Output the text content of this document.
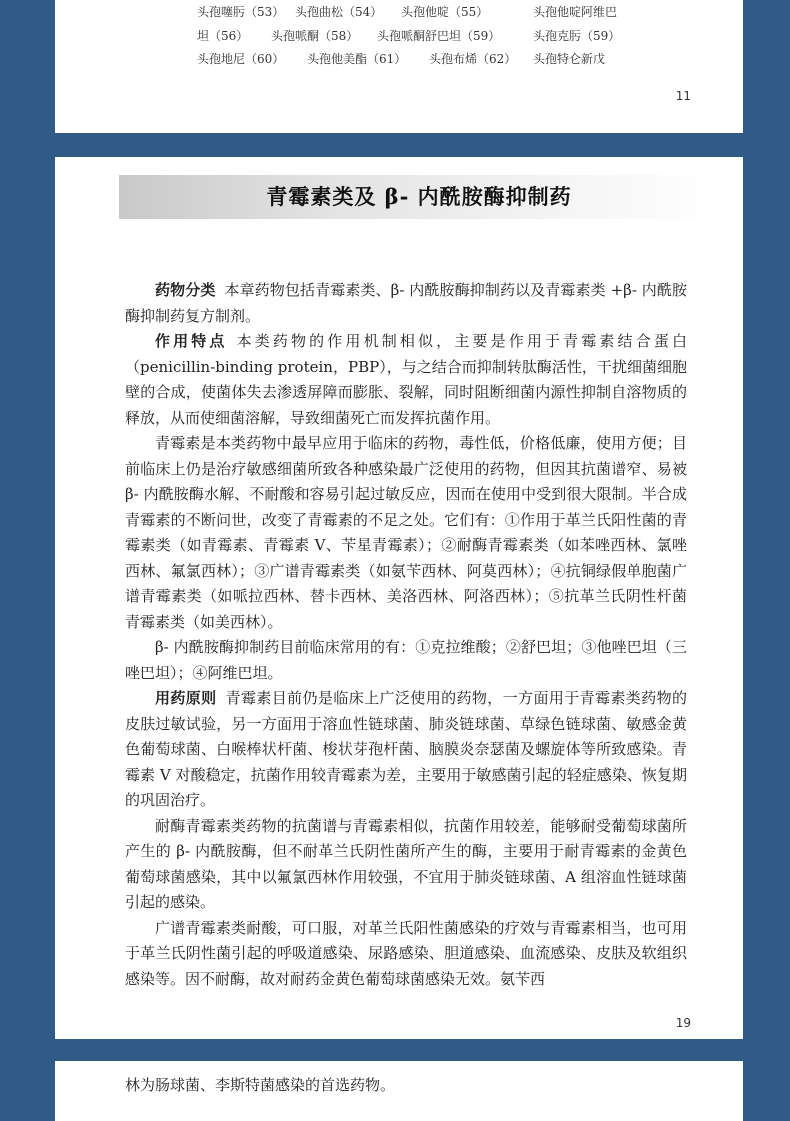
头孢噻肟（53） 头孢曲松（54） 头孢他啶（55）	头孢他啶阿维巴
坦（56） 头孢哌酮（58） 头孢哌酮舒巴坦（59）	头孢克肟（59）
头孢地尼（60） 头孢他美酯（61） 头孢布烯（62） 头孢特仑新戊
11
青霉素类及 β- 内酰胺酶抑制药

药物分类 本章药物包括青霉素类、β- 内酰胺酶抑制药以及青霉素类 +β- 内酰胺酶抑制药复方制剂。

作用特点 本类药物的作用机制相似，主要是作用于青霉素结合蛋白（penicillin-binding protein，PBP），与之结合而抑制转肽酶活性，干扰细菌细胞壁的合成，使菌体失去渗透屏障而膨胀、裂解，同时阻断细菌内源性抑制自溶物质的释放，从而使细菌溶解，导致细菌死亡而发挥抗菌作用。

青霉素是本类药物中最早应用于临床的药物，毒性低，价格低廉，使用方便；目前临床上仍是治疗敏感细菌所致各种感染最广泛使用的药物，但因其抗菌谱窄、易被 β- 内酰胺酶水解、不耐酸和容易引起过敏反应，因而在使用中受到很大限制。半合成青霉素的不断问世，改变了青霉素的不足之处。它们有：①作用于革兰氏阳性菌的青霉素类（如青霉素、青霉素 V、苄星青霉素）；②耐酶青霉素类（如苯唑西林、氯唑西林、氟氯西林）；③广谱青霉素类（如氨苄西林、阿莫西林）；④抗铜绿假单胞菌广谱青霉素类（如哌拉西林、替卡西林、美洛西林、阿洛西林）；⑤抗革兰氏阴性杆菌青霉素类（如美西林）。

β- 内酰胺酶抑制药目前临床常用的有：①克拉维酸；②舒巴坦；③他唑巴坦（三唑巴坦）；④阿维巴坦。

用药原则 青霉素目前仍是临床上广泛使用的药物，一方面用于青霉素类药物的皮肤过敏试验，另一方面用于溶血性链球菌、肺炎链球菌、草绿色链球菌、敏感金黄色葡萄球菌、白喉棒状杆菌、梭状芽孢杆菌、脑膜炎奈瑟菌及螺旋体等所致感染。青霉素 V 对酸稳定，抗菌作用较青霉素为差，主要用于敏感菌引起的轻症感染、恢复期的巩固治疗。

耐酶青霉素类药物的抗菌谱与青霉素相似，抗菌作用较差，能够耐受葡萄球菌所产生的 β- 内酰胺酶，但不耐革兰氏阴性菌所产生的酶，主要用于耐青霉素的金黄色葡萄球菌感染，其中以氟氯西林作用较强，不宜用于肺炎链球菌、A 组溶血性链球菌引起的感染。

广谱青霉素类耐酸，可口服，对革兰氏阳性菌感染的疗效与青霉素相当，也可用于革兰氏阴性菌引起的呼吸道感染、尿路感染、胆道感染、血流感染、皮肤及软组织感染等。因不耐酶，故对耐药金黄色葡萄球菌感染无效。氨苄西

19
林为肠球菌、李斯特菌感染的首选药物。
